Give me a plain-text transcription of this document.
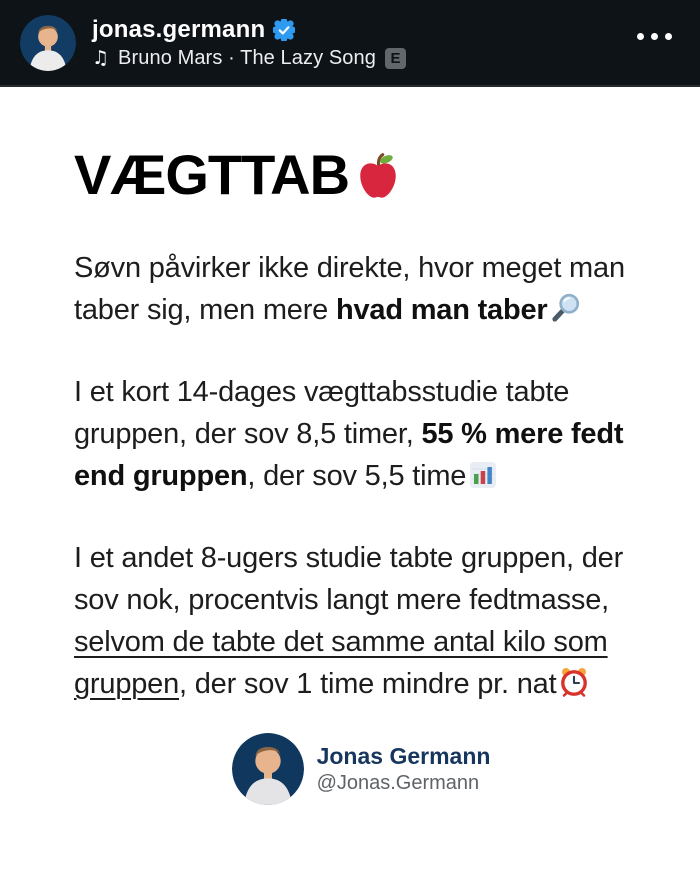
jonas.germann
♫ Bruno Mars · The Lazy Song E
VÆGTTAB

Søvn påvirker ikke direkte, hvor meget man taber sig, men mere hvad man taber

I et kort 14-dages vægttabsstudie tabte gruppen, der sov 8,5 timer, 55 % mere fedt end gruppen, der sov 5,5 time

I et andet 8-ugers studie tabte gruppen, der sov nok, procentvis langt mere fedtmasse, selvom de tabte det samme antal kilo som gruppen, der sov 1 time mindre pr. nat

Jonas Germann
@Jonas.Germann
